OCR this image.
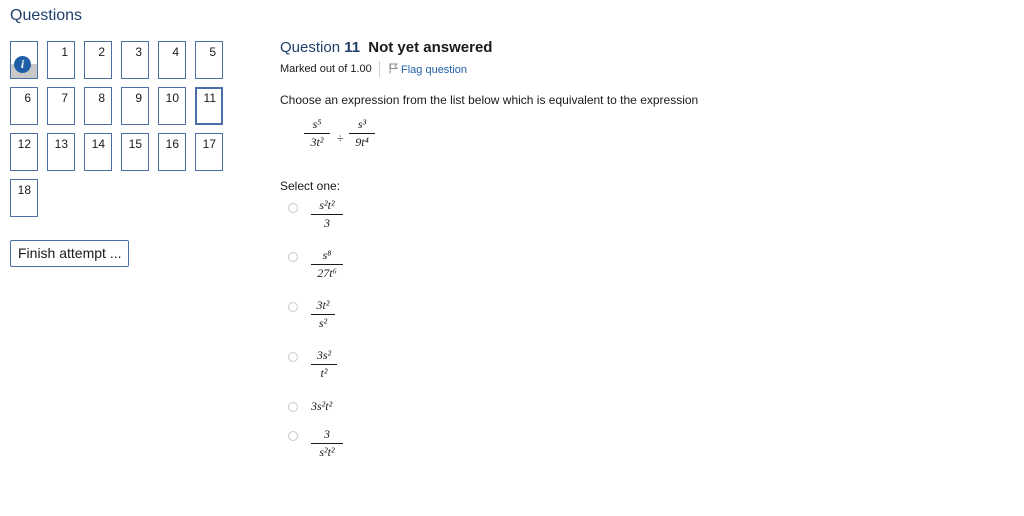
Questions
i
1	2	3	4	5
6	7	8	9	10	11
12	13	14	15	16	17
18
Finish attempt ...
Question 11 Not yet answered
Marked out of 1.00	Flag question
Choose an expression from the list below which is equivalent to the expression
s⁵
3t²	÷
s³
9t⁴
Select one:
s²t²
3
s⁸
27t⁶
3t²
s²
3s²
t²
3s²t²
3
s²t²
